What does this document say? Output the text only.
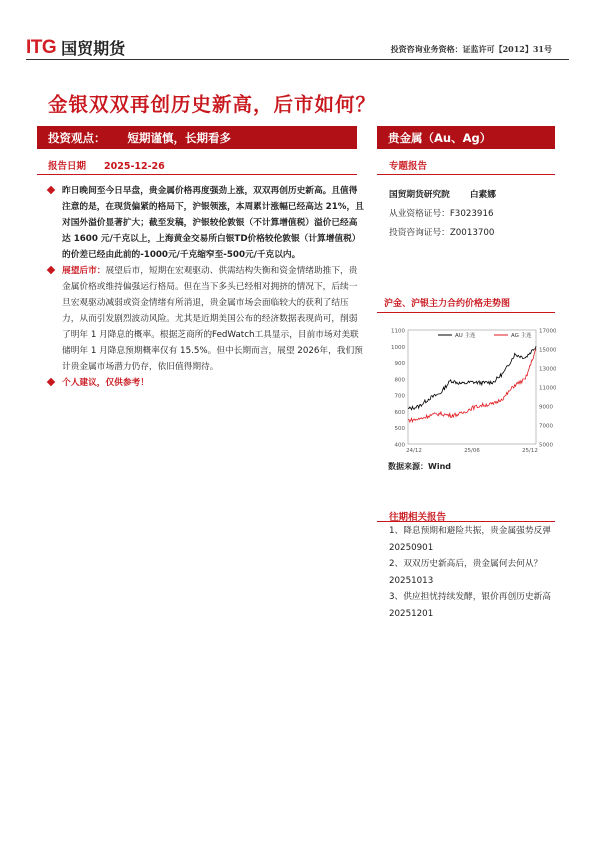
ITG 国贸期货	投资咨询业务资格：证监许可【2012】31号
金银双双再创历史新高，后市如何？
投资观点： 短期谨慎，长期看多	贵金属（Au、Ag）
报告日期 2025-12-26	专题报告

昨日晚间至今日早盘，贵金属价格再度强劲上涨，双双再创历史新高。且值得注意的是，在现货偏紧的格局下，沪银领涨，本周累计涨幅已经高达 21%，且对国外溢价显著扩大；截至发稿，沪银较伦敦银（不计算增值税）溢价已经高达 1600 元/千克以上，上海黄金交易所白银TD价格较伦敦银（计算增值税）的价差已经由此前的-1000元/千克缩窄至-500元/千克以内。

展望后市：展望后市，短期在宏观驱动、供需结构失衡和资金情绪助推下，贵金属价格或维持偏强运行格局。但在当下多头已经相对拥挤的情况下，后续一旦宏观驱动减弱或资金情绪有所消退，贵金属市场会面临较大的获利了结压力，从而引发剧烈波动风险。尤其是近期美国公布的经济数据表现尚可，削弱了明年 1 月降息的概率。根据芝商所的FedWatch工具显示，目前市场对美联储明年 1 月降息预期概率仅有 15.5%。但中长期而言，展望 2026年，我们预计贵金属市场潜力仍存，依旧值得期待。

个人建议，仅供参考！

国贸期货研究院 白素娜
从业资格证号：F3023916
投资咨询证号：Z0013700
沪金、沪银主力合约价格走势图
1100
1000
900
800
700
600
500
400
17000
15000
13000
11000
9000
7000
5000
24/12	25/06	25/12
AU 主连	AG 主连
数据来源：Wind
往期相关报告

1、降息预期和避险共振，贵金属强势反弹 20250901

2、双双历史新高后，贵金属何去何从？20251013

3、供应担忧持续发酵，银价再创历史新高 20251201
